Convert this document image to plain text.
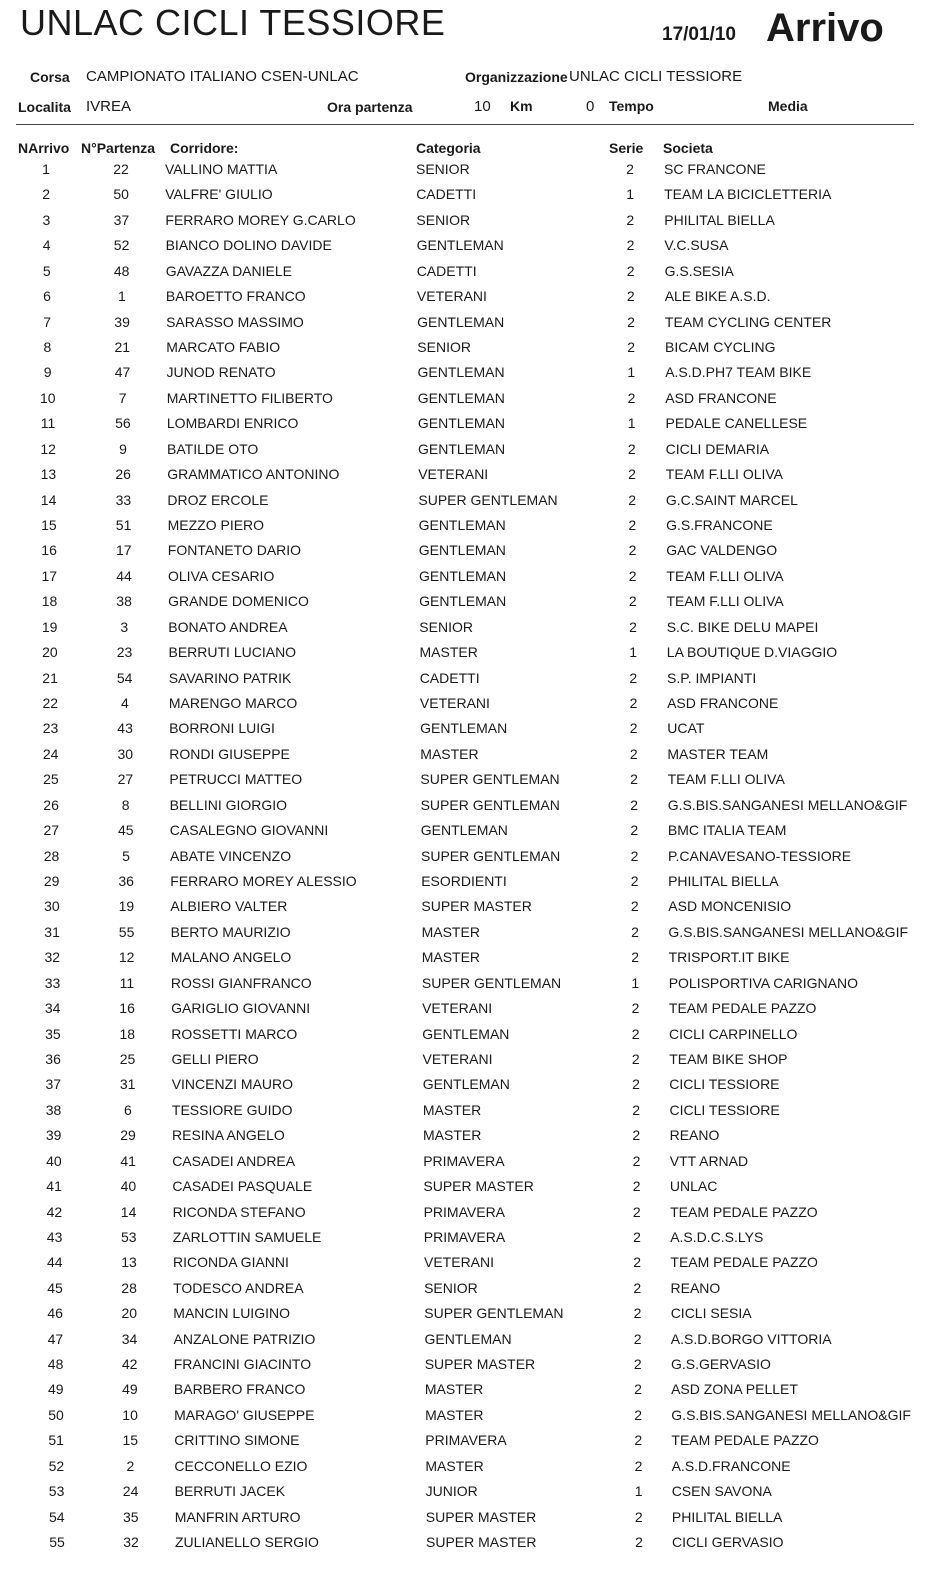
UNLAC CICLI TESSIORE	17/01/10 Arrivo
Corsa CAMPIONATO ITALIANO CSEN-UNLAC	Organizzazione UNLAC CICLI TESSIORE
Localita IVREA	Ora partenza	10 Km	0 Tempo	Media
NArrivo N°Partenza Corridore:	Categoria	Serie Societa
1	22	VALLINO MATTIA	SENIOR	2	SC FRANCONE
2	50	VALFRE' GIULIO	CADETTI	1	TEAM LA BICICLETTERIA
3	37	FERRARO MOREY G.CARLO	SENIOR	2	PHILITAL BIELLA
4	52	BIANCO DOLINO DAVIDE	GENTLEMAN	2	V.C.SUSA
5	48	GAVAZZA DANIELE	CADETTI	2	G.S.SESIA
6	1	BAROETTO FRANCO	VETERANI	2	ALE BIKE A.S.D.
7	39	SARASSO MASSIMO	GENTLEMAN	2	TEAM CYCLING CENTER
8	21	MARCATO FABIO	SENIOR	2	BICAM CYCLING
9	47	JUNOD RENATO	GENTLEMAN	1	A.S.D.PH7 TEAM BIKE
10	7	MARTINETTO FILIBERTO	GENTLEMAN	2	ASD FRANCONE
11	56	LOMBARDI ENRICO	GENTLEMAN	1	PEDALE CANELLESE
12	9	BATILDE OTO	GENTLEMAN	2	CICLI DEMARIA
13	26	GRAMMATICO ANTONINO	VETERANI	2	TEAM F.LLI OLIVA
14	33	DROZ ERCOLE	SUPER GENTLEMAN	2	G.C.SAINT MARCEL
15	51	MEZZO PIERO	GENTLEMAN	2	G.S.FRANCONE
16	17	FONTANETO DARIO	GENTLEMAN	2	GAC VALDENGO
17	44	OLIVA CESARIO	GENTLEMAN	2	TEAM F.LLI OLIVA
18	38	GRANDE DOMENICO	GENTLEMAN	2	TEAM F.LLI OLIVA
19	3	BONATO ANDREA	SENIOR	2	S.C. BIKE DELU MAPEI
20	23	BERRUTI LUCIANO	MASTER	1	LA BOUTIQUE D.VIAGGIO
21	54	SAVARINO PATRIK	CADETTI	2	S.P. IMPIANTI
22	4	MARENGO MARCO	VETERANI	2	ASD FRANCONE
23	43	BORRONI LUIGI	GENTLEMAN	2	UCAT
24	30	RONDI GIUSEPPE	MASTER	2	MASTER TEAM
25	27	PETRUCCI MATTEO	SUPER GENTLEMAN	2	TEAM F.LLI OLIVA
26	8	BELLINI GIORGIO	SUPER GENTLEMAN	2	G.S.BIS.SANGANESI MELLANO&GIF
27	45	CASALEGNO GIOVANNI	GENTLEMAN	2	BMC ITALIA TEAM
28	5	ABATE VINCENZO	SUPER GENTLEMAN	2	P.CANAVESANO-TESSIORE
29	36	FERRARO MOREY ALESSIO	ESORDIENTI	2	PHILITAL BIELLA
30	19	ALBIERO VALTER	SUPER MASTER	2	ASD MONCENISIO
31	55	BERTO MAURIZIO	MASTER	2	G.S.BIS.SANGANESI MELLANO&GIF
32	12	MALANO ANGELO	MASTER	2	TRISPORT.IT BIKE
33	11	ROSSI GIANFRANCO	SUPER GENTLEMAN	1	POLISPORTIVA CARIGNANO
34	16	GARIGLIO GIOVANNI	VETERANI	2	TEAM PEDALE PAZZO
35	18	ROSSETTI MARCO	GENTLEMAN	2	CICLI CARPINELLO
36	25	GELLI PIERO	VETERANI	2	TEAM BIKE SHOP
37	31	VINCENZI MAURO	GENTLEMAN	2	CICLI TESSIORE
38	6	TESSIORE GUIDO	MASTER	2	CICLI TESSIORE
39	29	RESINA ANGELO	MASTER	2	REANO
40	41	CASADEI ANDREA	PRIMAVERA	2	VTT ARNAD
41	40	CASADEI PASQUALE	SUPER MASTER	2	UNLAC
42	14	RICONDA STEFANO	PRIMAVERA	2	TEAM PEDALE PAZZO
43	53	ZARLOTTIN SAMUELE	PRIMAVERA	2	A.S.D.C.S.LYS
44	13	RICONDA GIANNI	VETERANI	2	TEAM PEDALE PAZZO
45	28	TODESCO ANDREA	SENIOR	2	REANO
46	20	MANCIN LUIGINO	SUPER GENTLEMAN	2	CICLI SESIA
47	34	ANZALONE PATRIZIO	GENTLEMAN	2	A.S.D.BORGO VITTORIA
48	42	FRANCINI GIACINTO	SUPER MASTER	2	G.S.GERVASIO
49	49	BARBERO FRANCO	MASTER	2	ASD ZONA PELLET
50	10	MARAGO' GIUSEPPE	MASTER	2	G.S.BIS.SANGANESI MELLANO&GIF
51	15	CRITTINO SIMONE	PRIMAVERA	2	TEAM PEDALE PAZZO
52	2	CECCONELLO EZIO	MASTER	2	A.S.D.FRANCONE
53	24	BERRUTI JACEK	JUNIOR	1	CSEN SAVONA
54	35	MANFRIN ARTURO	SUPER MASTER	2	PHILITAL BIELLA
55	32	ZULIANELLO SERGIO	SUPER MASTER	2	CICLI GERVASIO
